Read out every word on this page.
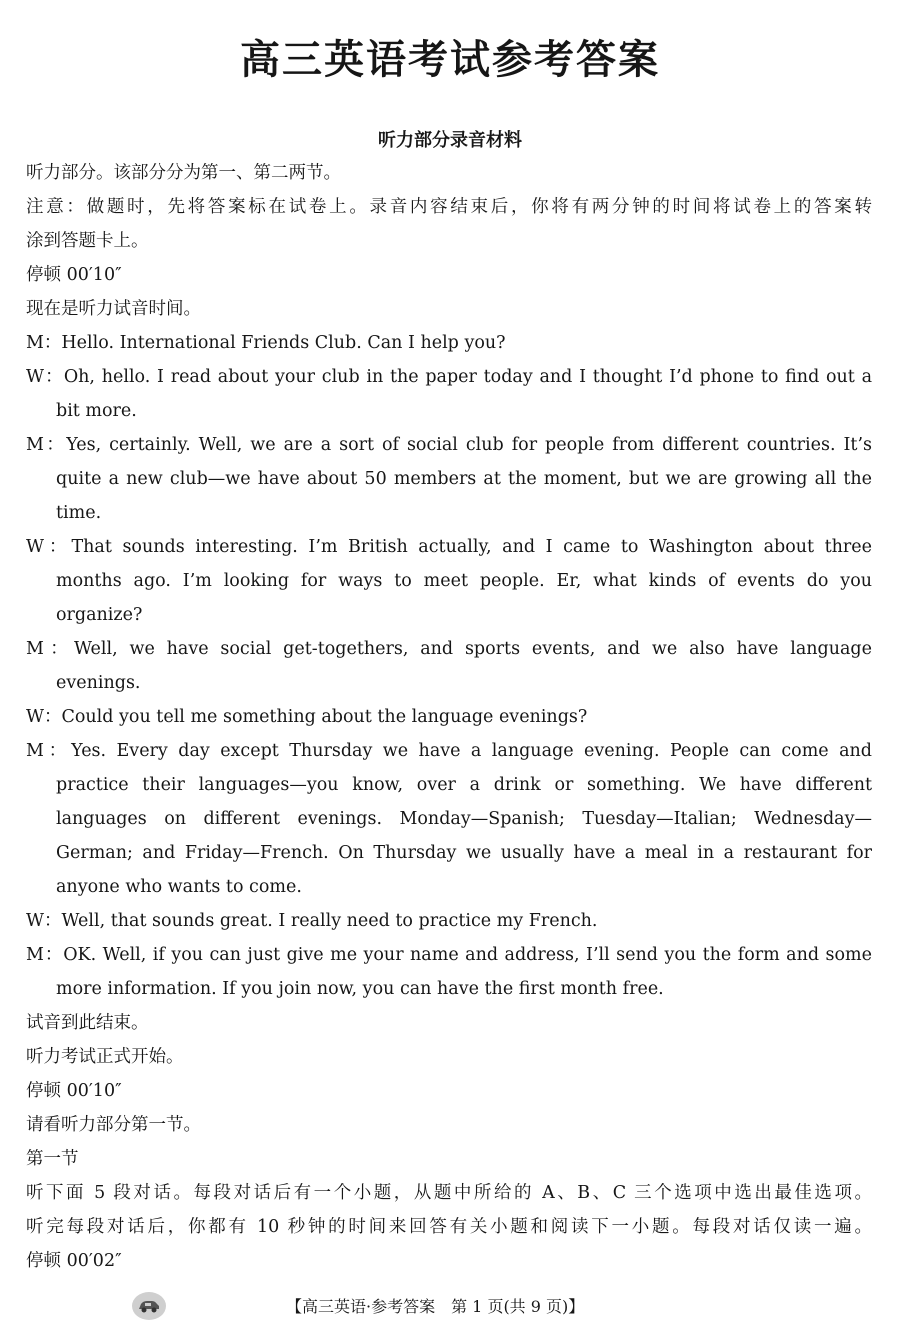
高三英语考试参考答案
听力部分录音材料
听力部分。该部分分为第一、第二两节。
注意：做题时，先将答案标在试卷上。录音内容结束后，你将有两分钟的时间将试卷上的答案转
涂到答题卡上。
停顿 00′10″
现在是听力试音时间。
M：Hello. International Friends Club. Can I help you?
W：Oh, hello. I read about your club in the paper today and I thought I’d phone to find out a
bit more.
M：Yes, certainly. Well, we are a sort of social club for people from different countries. It’s
quite a new club—we have about 50 members at the moment, but we are growing all the
time.
W：That sounds interesting. I’m British actually, and I came to Washington about three
months ago. I’m looking for ways to meet people. Er, what kinds of events do you
organize?
M：Well, we have social get-togethers, and sports events, and we also have language
evenings.
W：Could you tell me something about the language evenings?
M：Yes. Every day except Thursday we have a language evening. People can come and
practice their languages—you know, over a drink or something. We have different
languages on different evenings. Monday—Spanish; Tuesday—Italian; Wednesday—
German; and Friday—French. On Thursday we usually have a meal in a restaurant for
anyone who wants to come.
W：Well, that sounds great. I really need to practice my French.
M：OK. Well, if you can just give me your name and address, I’ll send you the form and some
more information. If you join now, you can have the first month free.
试音到此结束。
听力考试正式开始。
停顿 00′10″
请看听力部分第一节。
第一节
听下面 5 段对话。每段对话后有一个小题，从题中所给的 A、B、C 三个选项中选出最佳选项。
听完每段对话后，你都有 10 秒钟的时间来回答有关小题和阅读下一小题。每段对话仅读一遍。
停顿 00′02″
【高三英语·参考答案　第 1 页(共 9 页)】
